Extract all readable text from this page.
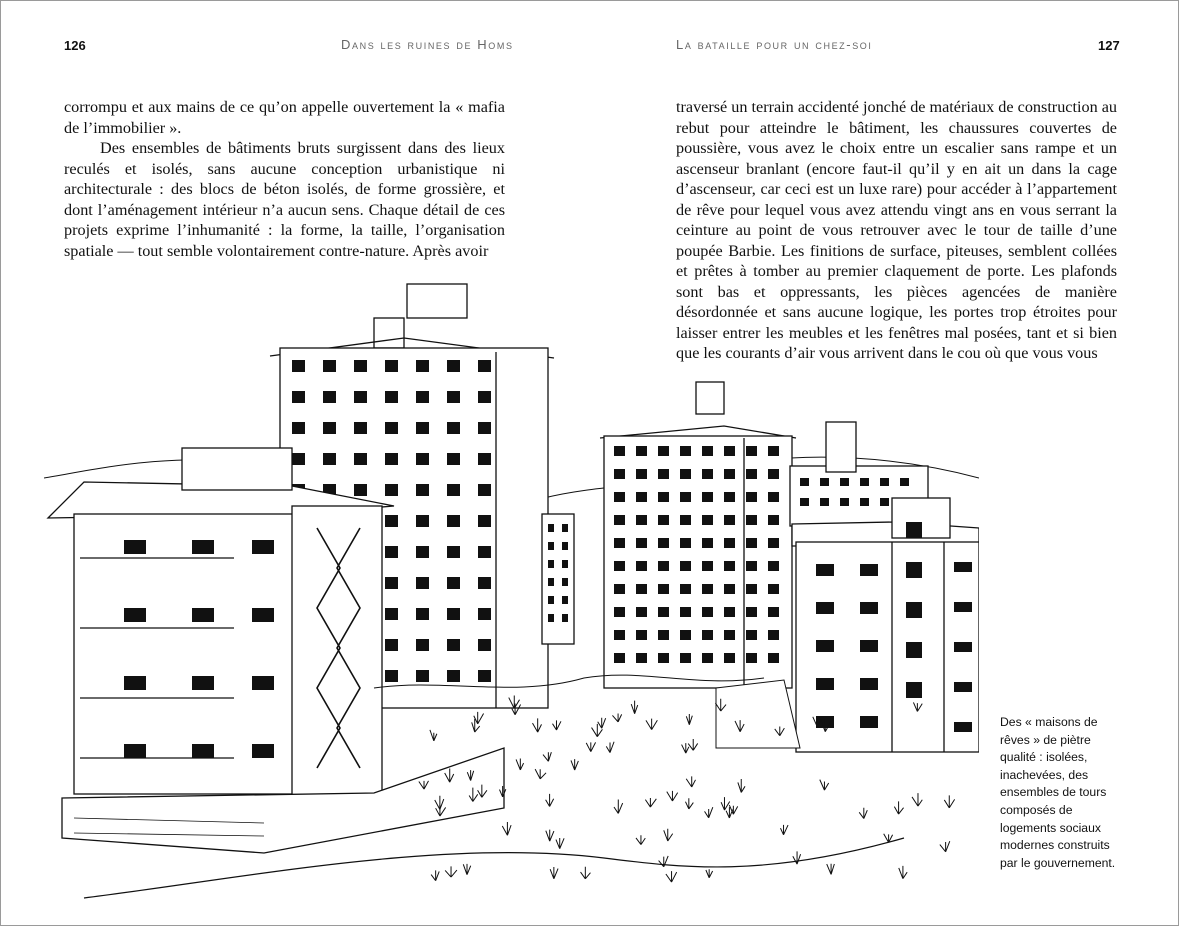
126	Dans les ruines de Homs	La bataille pour un chez-soi	127

corrompu et aux mains de ce qu’on appelle ouvertement la « mafia de l’immobilier ».

Des ensembles de bâtiments bruts surgissent dans des lieux reculés et isolés, sans aucune conception urbanistique ni architecturale : des blocs de béton isolés, de forme grossière, et dont l’aménagement intérieur n’a aucun sens. Chaque détail de ces projets exprime l’inhumanité : la forme, la taille, l’organisation spatiale — tout semble volontairement contre-nature. Après avoir

traversé un terrain accidenté jonché de matériaux de construction au rebut pour atteindre le bâtiment, les chaussures couvertes de poussière, vous avez le choix entre un escalier sans rampe et un ascenseur branlant (encore faut-il qu’il y en ait un dans la cage d’ascenseur, car ceci est un luxe rare) pour accéder à l’appartement de rêve pour lequel vous avez attendu vingt ans en vous serrant la ceinture au point de vous retrouver avec le tour de taille d’une poupée Barbie. Les finitions de surface, piteuses, semblent collées et prêtes à tomber au premier claquement de porte. Les plafonds sont bas et oppressants, les pièces agencées de manière désordonnée et sans aucune logique, les portes trop étroites pour laisser entrer les meubles et les fenêtres mal posées, tant et si bien que les courants d’air vous arrivent dans le cou où que vous vous

Des « maisons de rêves » de piètre qualité : isolées, inachevées, des ensembles de tours composés de logements sociaux modernes construits par le gouvernement.
